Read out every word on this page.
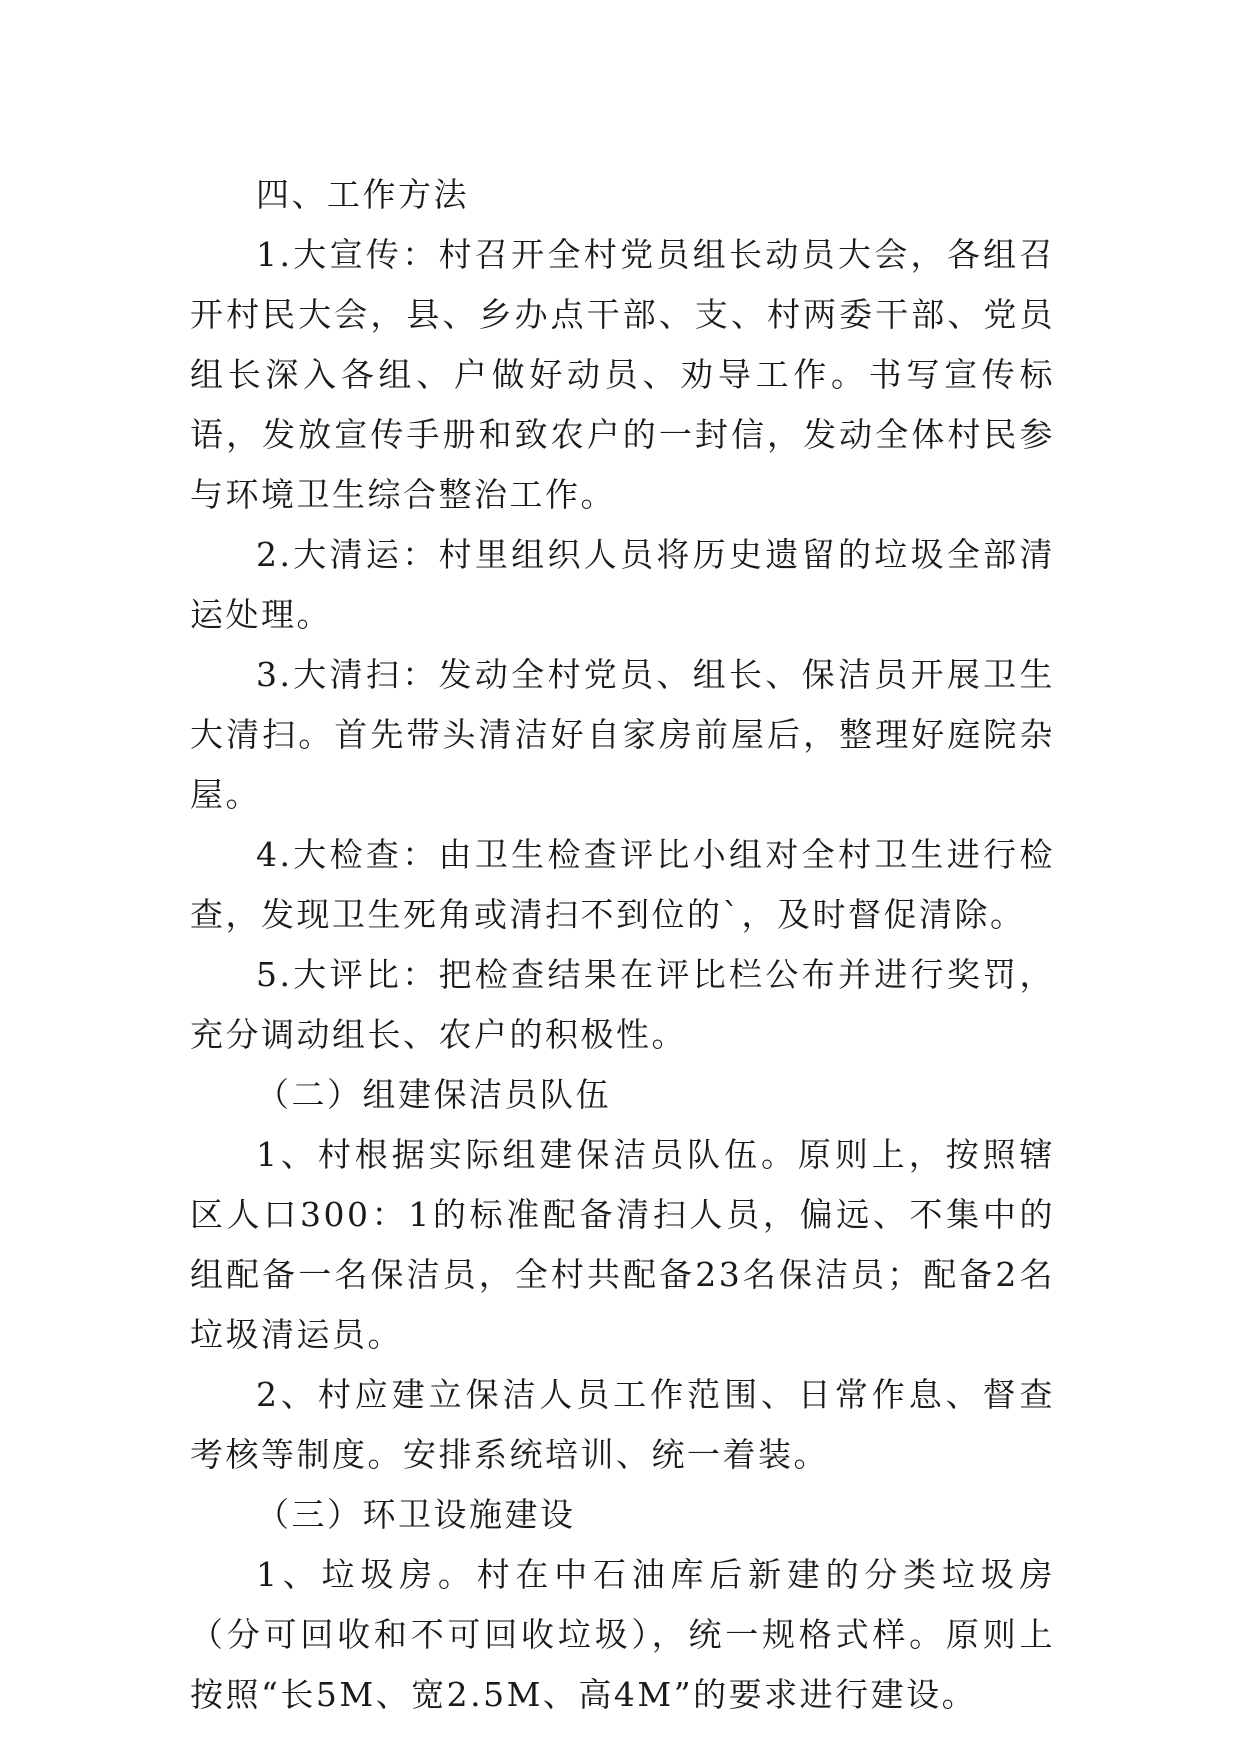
四、工作方法

1.大宣传：村召开全村党员组长动员大会，各组召开村民大会，县、乡办点干部、支、村两委干部、党员组长深入各组、户做好动员、劝导工作。书写宣传标语，发放宣传手册和致农户的一封信，发动全体村民参与环境卫生综合整治工作。

2.大清运：村里组织人员将历史遗留的垃圾全部清运处理。

3.大清扫：发动全村党员、组长、保洁员开展卫生大清扫。首先带头清洁好自家房前屋后，整理好庭院杂屋。

4.大检查：由卫生检查评比小组对全村卫生进行检查，发现卫生死角或清扫不到位的`，及时督促清除。

5.大评比：把检查结果在评比栏公布并进行奖罚，充分调动组长、农户的积极性。

（二）组建保洁员队伍

1、村根据实际组建保洁员队伍。原则上，按照辖区人口300：1的标准配备清扫人员，偏远、不集中的组配备一名保洁员，全村共配备23名保洁员；配备2名垃圾清运员。

2、村应建立保洁人员工作范围、日常作息、督查考核等制度。安排系统培训、统一着装。

（三）环卫设施建设

1、垃圾房。村在中石油库后新建的分类垃圾房（分可回收和不可回收垃圾），统一规格式样。原则上按照“长5M、宽2.5M、高4M”的要求进行建设。
